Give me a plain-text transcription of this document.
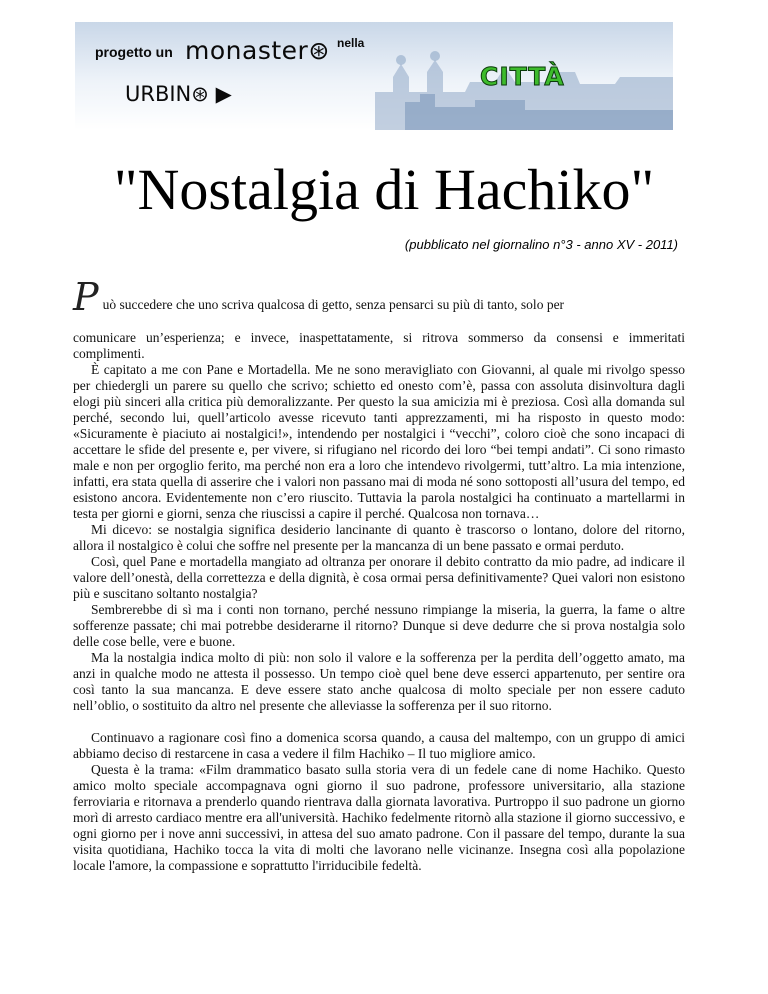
progetto un monaster⊛ nella
URBIN⊛ ▶
CITTÀ
"Nostalgia di Hachiko"
(pubblicato nel giornalino n°3 - anno XV - 2011)
P uò succedere che uno scriva qualcosa di getto, senza pensarci su più di tanto, solo per

comunicare un’esperienza; e invece, inaspettatamente, si ritrova sommerso da consensi e immeritati complimenti.

È capitato a me con Pane e Mortadella. Me ne sono meravigliato con Giovanni, al quale mi rivolgo spesso per chiedergli un parere su quello che scrivo; schietto ed onesto com’è, passa con assoluta disinvoltura dagli elogi più sinceri alla critica più demoralizzante. Per questo la sua amicizia mi è preziosa. Così alla domanda sul perché, secondo lui, quell’articolo avesse ricevuto tanti apprezzamenti, mi ha risposto in questo modo: «Sicuramente è piaciuto ai nostalgici!», intendendo per nostalgici i “vecchi”, coloro cioè che sono incapaci di accettare le sfide del presente e, per vivere, si rifugiano nel ricordo dei loro “bei tempi andati”. Ci sono rimasto male e non per orgoglio ferito, ma perché non era a loro che intendevo rivolgermi, tutt’altro. La mia intenzione, infatti, era stata quella di asserire che i valori non passano mai di moda né sono sottoposti all’usura del tempo, ed esistono ancora. Evidentemente non c’ero riuscito. Tuttavia la parola nostalgici ha continuato a martellarmi in testa per giorni e giorni, senza che riuscissi a capire il perché. Qualcosa non tornava…

Mi dicevo: se nostalgia significa desiderio lancinante di quanto è trascorso o lontano, dolore del ritorno, allora il nostalgico è colui che soffre nel presente per la mancanza di un bene passato e ormai perduto.

Così, quel Pane e mortadella mangiato ad oltranza per onorare il debito contratto da mio padre, ad indicare il valore dell’onestà, della correttezza e della dignità, è cosa ormai persa definitivamente? Quei valori non esistono più e suscitano soltanto nostalgia?

Sembrerebbe di sì ma i conti non tornano, perché nessuno rimpiange la miseria, la guerra, la fame o altre sofferenze passate; chi mai potrebbe desiderarne il ritorno? Dunque si deve dedurre che si prova nostalgia solo delle cose belle, vere e buone.

Ma la nostalgia indica molto di più: non solo il valore e la sofferenza per la perdita dell’oggetto amato, ma anzi in qualche modo ne attesta il possesso. Un tempo cioè quel bene deve esserci appartenuto, per sentire ora così tanto la sua mancanza. E deve essere stato anche qualcosa di molto speciale per non essere caduto nell’oblio, o sostituito da altro nel presente che alleviasse la sofferenza per il suo ritorno.

Continuavo a ragionare così fino a domenica scorsa quando, a causa del maltempo, con un gruppo di amici abbiamo deciso di restarcene in casa a vedere il film Hachiko – Il tuo migliore amico.

Questa è la trama: «Film drammatico basato sulla storia vera di un fedele cane di nome Hachiko. Questo amico molto speciale accompagnava ogni giorno il suo padrone, professore universitario, alla stazione ferroviaria e ritornava a prenderlo quando rientrava dalla giornata lavorativa. Purtroppo il suo padrone un giorno morì di arresto cardiaco mentre era all'università. Hachiko fedelmente ritornò alla stazione il giorno successivo, e ogni giorno per i nove anni successivi, in attesa del suo amato padrone. Con il passare del tempo, durante la sua visita quotidiana, Hachiko tocca la vita di molti che lavorano nelle vicinanze. Insegna così alla popolazione locale l'amore, la compassione e soprattutto l'irriducibile fedeltà.
